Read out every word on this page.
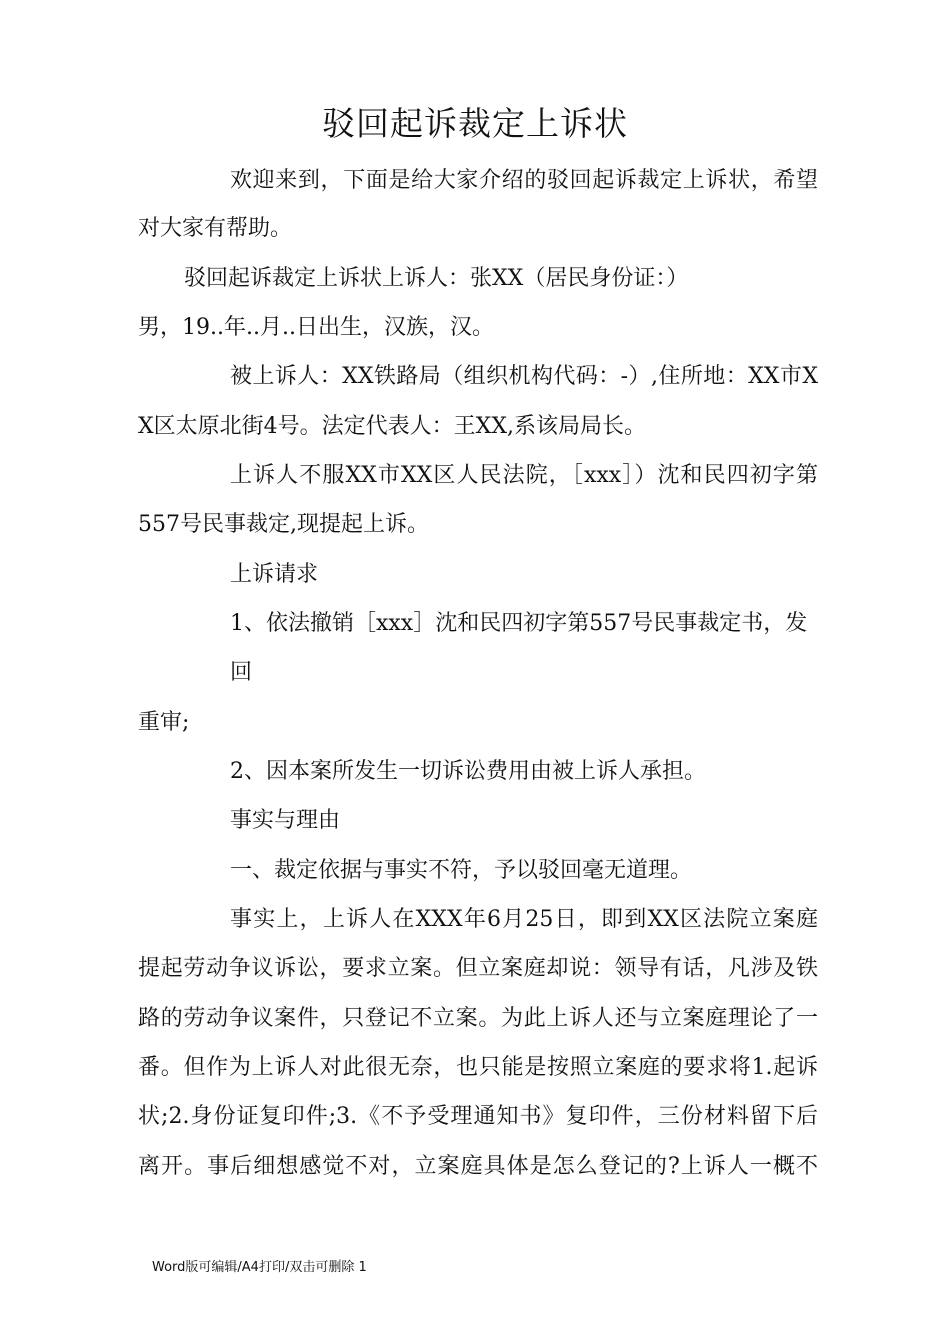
驳回起诉裁定上诉状
欢迎来到，下面是给大家介绍的驳回起诉裁定上诉状，希望
对大家有帮助。
驳回起诉裁定上诉状上诉人：张XX（居民身份证：）
男，19..年..月..日出生，汉族，汉。
被上诉人：XX铁路局（组织机构代码：-）,住所地：XX市X
X区太原北街4号。法定代表人：王XX,系该局局长。
上诉人不服XX市XX区人民法院，［xxx］）沈和民四初字第
557号民事裁定,现提起上诉。
上诉请求
1、依法撤销［xxx］沈和民四初字第557号民事裁定书，发
回
重审;
2、因本案所发生一切诉讼费用由被上诉人承担。
事实与理由
一、裁定依据与事实不符，予以驳回毫无道理。
事实上，上诉人在XXX年6月25日，即到XX区法院立案庭
提起劳动争议诉讼，要求立案。但立案庭却说：领导有话，凡涉及铁
路的劳动争议案件，只登记不立案。为此上诉人还与立案庭理论了一
番。但作为上诉人对此很无奈，也只能是按照立案庭的要求将1.起诉
状;2.身份证复印件;3.《不予受理通知书》复印件，三份材料留下后
离开。事后细想感觉不对，立案庭具体是怎么登记的?上诉人一概不
Word版可编辑/A4打印/双击可删除 1
